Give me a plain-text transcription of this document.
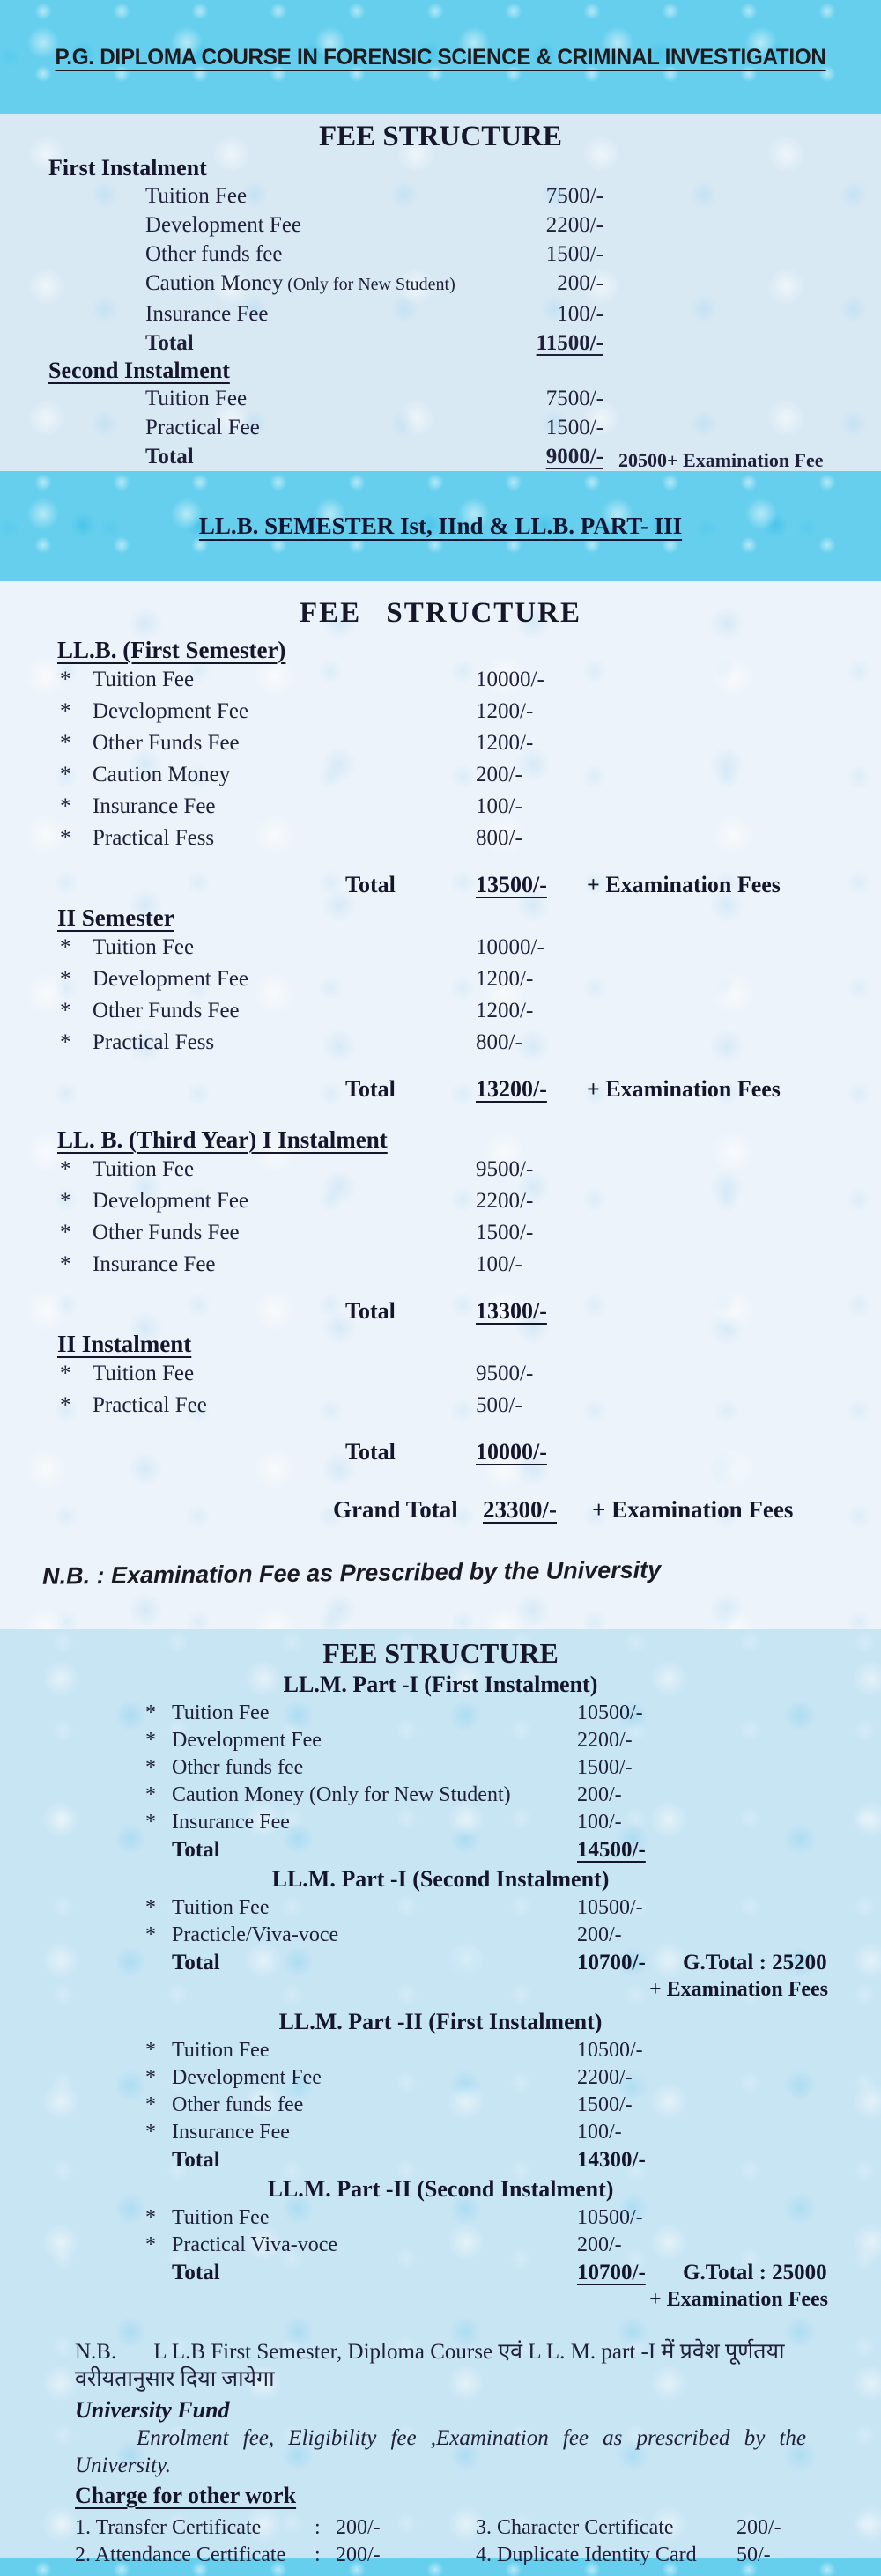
P.G. DIPLOMA COURSE IN FORENSIC SCIENCE & CRIMINAL INVESTIGATION
FEE STRUCTURE
First Instalment
Tuition Fee	7500/-
Development Fee	2200/-
Other funds fee	1500/-
Caution Money (Only for New Student)	200/-
Insurance Fee	100/-
Total	11500/-
Second Instalment
Tuition Fee	7500/-
Practical Fee	1500/-
Total	9000/- 20500+ Examination Fee
LL.B. SEMESTER Ist, IInd & LL.B. PART- III
FEE STRUCTURE
LL.B. (First Semester)
* Tuition Fee	10000/-
* Development Fee	1200/-
* Other Funds Fee	1200/-
* Caution Money	200/-
* Insurance Fee	100/-
* Practical Fess	800/-
Total	13500/- + Examination Fees
II Semester
* Tuition Fee	10000/-
* Development Fee	1200/-
* Other Funds Fee	1200/-
* Practical Fess	800/-
Total	13200/- + Examination Fees
LL. B. (Third Year) I Instalment
* Tuition Fee	9500/-
* Development Fee	2200/-
* Other Funds Fee	1500/-
* Insurance Fee	100/-
Total	13300/-
II Instalment
* Tuition Fee	9500/-
* Practical Fee	500/-
Total	10000/-
Grand Total 23300/- + Examination Fees
N.B. : Examination Fee as Prescribed by the University
FEE STRUCTURE
LL.M. Part -I (First Instalment)
* Tuition Fee	10500/-
* Development Fee	2200/-
* Other funds fee	1500/-
* Caution Money (Only for New Student)	200/-
* Insurance Fee	100/-
Total	14500/-
LL.M. Part -I (Second Instalment)
* Tuition Fee	10500/-
* Practicle/Viva-voce	200/-
Total	10700/- G.Total : 25200
+ Examination Fees
LL.M. Part -II (First Instalment)
* Tuition Fee	10500/-
* Development Fee	2200/-
* Other funds fee	1500/-
* Insurance Fee	100/-
Total	14300/-
LL.M. Part -II (Second Instalment)
* Tuition Fee	10500/-
* Practical Viva-voce	200/-
Total	10700/- G.Total : 25000
+ Examination Fees

N.B. L L.B First Semester, Diploma Course एवं L L. M. part -I में प्रवेश पूर्णतया वरीयतानुसार दिया जायेगा

University Fund

Enrolment fee, Eligibility fee ,Examination fee as prescribed by the University.

Charge for other work
1. Transfer Certificate	: 200/-	3. Character Certificate	200/-
2. Attendance Certificate	: 200/-	4. Duplicate Identity Card	50/-
